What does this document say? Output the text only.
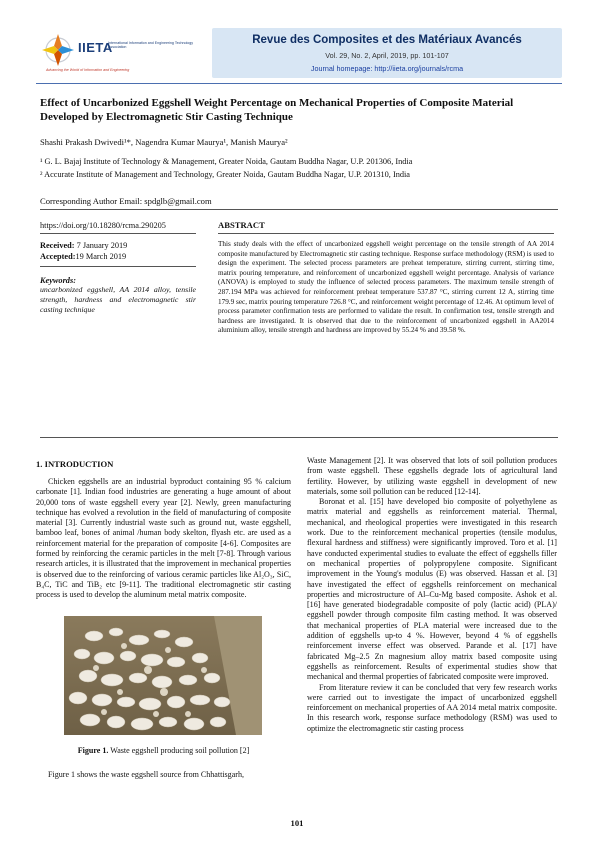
IIETA
International Information and Engineering Technology Association
Advancing the World of Information and Engineering
Revue des Composites et des Matériaux Avancés
Vol. 29, No. 2, April, 2019, pp. 101-107
Journal homepage: http://iieta.org/journals/rcma
Effect of Uncarbonized Eggshell Weight Percentage on Mechanical Properties of Composite Material Developed by Electromagnetic Stir Casting Technique
Shashi Prakash Dwivedi¹*, Nagendra Kumar Maurya¹, Manish Maurya²
¹ G. L. Bajaj Institute of Technology & Management, Greater Noida, Gautam Buddha Nagar, U.P. 201306, India
² Accurate Institute of Management and Technology, Greater Noida, Gautam Buddha Nagar, U.P. 201310, India
Corresponding Author Email: spdglb@gmail.com
https://doi.org/10.18280/rcma.290205
Received: 7 January 2019
Accepted:19 March 2019
Keywords:
uncarbonized eggshell, AA 2014 alloy, tensile strength, hardness and electromagnetic stir casting technique
ABSTRACT
This study deals with the effect of uncarbonized eggshell weight percentage on the tensile strength of AA 2014 composite manufactured by Electromagnetic stir casting technique. Response surface methodology (RSM) is used to design the experiment. The selected process parameters are preheat temperature, stirring current, stirring time, matrix pouring temperature, and reinforcement of uncarbonized eggshell weight percentage. Analysis of variance (ANOVA) is employed to study the influence of selected process parameters. The maximum tensile strength of 287.194 MPa was achieved for reinforcement preheat temperature 537.87 °C, stirring current 12 A, stirring time 179.9 sec, matrix pouring temperature 726.8 °C, and reinforcement weight percentage of 12.46. At optimum level of process parameter confirmation tests are performed to validate the result. In confirmation test, tensile strength and hardness are investigated. It is observed that due to the reinforcement of uncarbonized eggshell in AA2014 aluminium alloy, tensile strength and hardness are improved by 55.24 % and 39.58 %.
1. INTRODUCTION

Chicken eggshells are an industrial byproduct containing 95 % calcium carbonate [1]. Indian food industries are generating a huge amount of about 20,000 tons of waste eggshell every year [2]. Newly, green manufacturing technique has evolved a revolution in the field of manufacturing of composite material [3]. Currently industrial waste such as ground nut, waste eggshell, bamboo leaf, bones of animal /human body skelton, flyash etc. are used as a reinforcement material for the preparation of composite [4-6]. Composites are formed by reinforcing the ceramic particles in the melt [7-8]. Through various research articles, it is illustrated that the improvement in mechanical properties is observed due to the reinforcing of various ceramic particles like Al₂O₃, SiC, B₄C, TiC and TiB₂ etc [9-11]. The traditional electromagnetic stir casting process is used to develop the aluminum metal matrix composite.

Figure 1. Waste eggshell producing soil pollution [2]
Figure 1 shows the waste eggshell source from Chhattisgarh,

Waste Management [2]. It was observed that lots of soil pollution produces from waste eggshell. These eggshells degrade lots of agricultural land fertility. However, by utilizing waste eggshell in development of new materials, some soil pollution can be reduced [12-14].

Boronat et al. [15] have developed bio composite of polyethylene as matrix material and eggshells as reinforcement material. Thermal, mechanical, and rheological properties were investigated in this research work. Due to the reinforcement mechanical properties (tensile modulus, flexural hardness and stiffness) were significantly improved. Toro et al. [1] have conducted experimental studies to evaluate the effect of eggshells filler on mechanical properties of polypropylene composite. Significant improvement in the Young's modulus (E) was observed. Hassan et al. [3] have investigated the effect of eggshells reinforcement on mechanical properties and microstructure of Al–Cu-Mg based composite. Ashok et al. [16] have generated biodegradable composite of poly (lactic acid) (PLA)/ eggshell powder through composite film casting method. It was observed that mechanical properties of PLA material were increased due to the addition of eggshells up-to 4 %. However, beyond 4 % of eggshells reinforcement inverse effect was observed. Parande et al. [17] have fabricated Mg–2.5 Zn magnesium alloy matrix based composite using eggshells as reinforcement. Results of experimental studies show that mechanical and thermal properties of fabricated composite were improved.

From literature review it can be concluded that very few research works were carried out to investigate the impact of uncarbonized eggshell reinforcement on mechanical properties of AA 2014 metal matrix composite. In this research work, response surface methodology (RSM) was used to optimize the electromagnetic stir casting process

101
